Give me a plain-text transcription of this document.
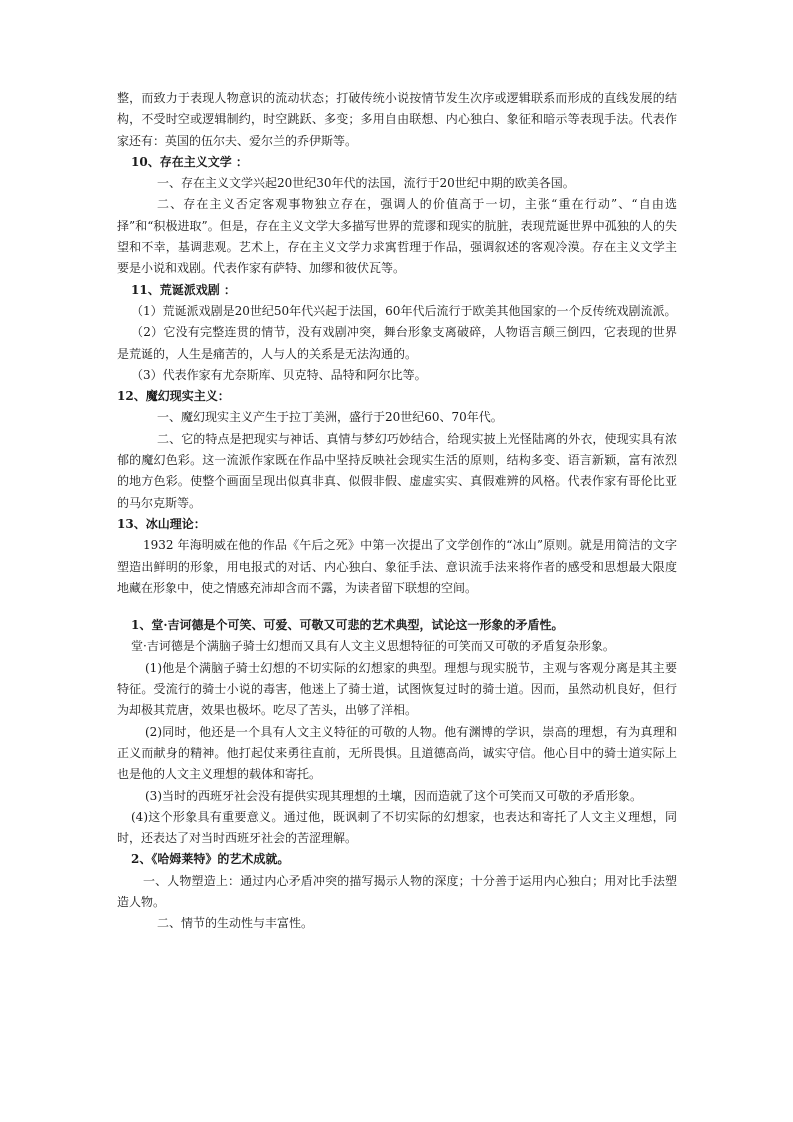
整，而致力于表现人物意识的流动状态；打破传统小说按情节发生次序或逻辑联系而形成的直线发展的结构，不受时空或逻辑制约，时空跳跃、多变；多用自由联想、内心独白、象征和暗示等表现手法。代表作家还有：英国的伍尔夫、爱尔兰的乔伊斯等。

10、存在主义文学 ：

一、存在主义文学兴起20世纪30年代的法国，流行于20世纪中期的欧美各国。

二、存在主义否定客观事物独立存在，强调人的价值高于一切，主张“重在行动”、“自由选择”和“积极进取”。但是，存在主义文学大多描写世界的荒谬和现实的肮脏，表现荒诞世界中孤独的人的失望和不幸，基调悲观。艺术上，存在主义文学力求寓哲理于作品，强调叙述的客观冷漠。存在主义文学主要是小说和戏剧。代表作家有萨特、加缪和彼伏瓦等。

11、荒诞派戏剧 ：

（1）荒诞派戏剧是20世纪50年代兴起于法国，60年代后流行于欧美其他国家的一个反传统戏剧流派。

（2）它没有完整连贯的情节，没有戏剧冲突，舞台形象支离破碎，人物语言颠三倒四，它表现的世界是荒诞的，人生是痛苦的，人与人的关系是无法沟通的。

（3）代表作家有尤奈斯库、贝克特、品特和阿尔比等。

12、魔幻现实主义：

一、魔幻现实主义产生于拉丁美洲，盛行于20世纪60、70年代。

二、它的特点是把现实与神话、真情与梦幻巧妙结合，给现实披上光怪陆离的外衣，使现实具有浓郁的魔幻色彩。这一流派作家既在作品中坚持反映社会现实生活的原则，结构多变、语言新颖，富有浓烈的地方色彩。使整个画面呈现出似真非真、似假非假、虚虚实实、真假难辨的风格。代表作家有哥伦比亚的马尔克斯等。

13、冰山理论：

1932 年海明威在他的作品《午后之死》中第一次提出了文学创作的“冰山”原则。就是用简洁的文字塑造出鲜明的形象，用电报式的对话、内心独白、象征手法、意识流手法来将作者的感受和思想最大限度地藏在形象中，使之情感充沛却含而不露，为读者留下联想的空间。

1、堂·吉诃德是个可笑、可爱、可敬又可悲的艺术典型，试论这一形象的矛盾性。

堂·吉诃德是个满脑子骑士幻想而又具有人文主义思想特征的可笑而又可敬的矛盾复杂形象。

(1)他是个满脑子骑士幻想的不切实际的幻想家的典型。理想与现实脱节，主观与客观分离是其主要特征。受流行的骑士小说的毒害，他迷上了骑士道，试图恢复过时的骑士道。因而，虽然动机良好，但行为却极其荒唐，效果也极坏。吃尽了苦头，出够了洋相。

(2)同时，他还是一个具有人文主义特征的可敬的人物。他有渊博的学识，崇高的理想，有为真理和正义而献身的精神。他打起仗来勇往直前，无所畏惧。且道德高尚，诚实守信。他心目中的骑士道实际上也是他的人文主义理想的载体和寄托。

(3)当时的西班牙社会没有提供实现其理想的土壤，因而造就了这个可笑而又可敬的矛盾形象。

(4)这个形象具有重要意义。通过他，既讽刺了不切实际的幻想家，也表达和寄托了人文主义理想，同时，还表达了对当时西班牙社会的苦涩理解。

2、《哈姆莱特》的艺术成就。

一、人物塑造上：通过内心矛盾冲突的描写揭示人物的深度；十分善于运用内心独白；用对比手法塑造人物。

二、情节的生动性与丰富性。
